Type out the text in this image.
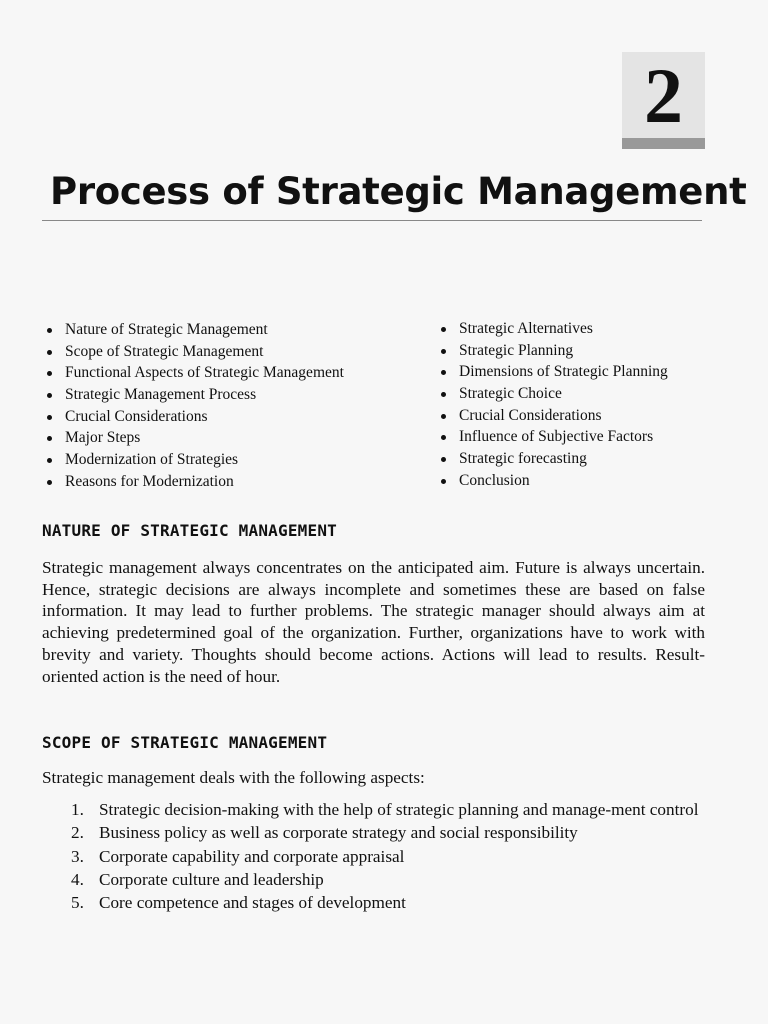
2
Process of Strategic Management
Nature of Strategic Management
Scope of Strategic Management
Functional Aspects of Strategic Management
Strategic Management Process
Crucial Considerations
Major Steps
Modernization of Strategies
Reasons for Modernization
Strategic Alternatives
Strategic Planning
Dimensions of Strategic Planning
Strategic Choice
Crucial Considerations
Influence of Subjective Factors
Strategic forecasting
Conclusion
NATURE OF STRATEGIC MANAGEMENT

Strategic management always concentrates on the anticipated aim. Future is always uncertain. Hence, strategic decisions are always incomplete and sometimes these are based on false information. It may lead to further problems. The strategic manager should always aim at achieving predetermined goal of the organization. Further, organizations have to work with brevity and variety. Thoughts should become actions. Actions will lead to results. Result-oriented action is the need of hour.

SCOPE OF STRATEGIC MANAGEMENT

Strategic management deals with the following aspects:

1. Strategic decision-making with the help of strategic planning and manage-ment control
2. Business policy as well as corporate strategy and social responsibility
3. Corporate capability and corporate appraisal
4. Corporate culture and leadership
5. Core competence and stages of development
